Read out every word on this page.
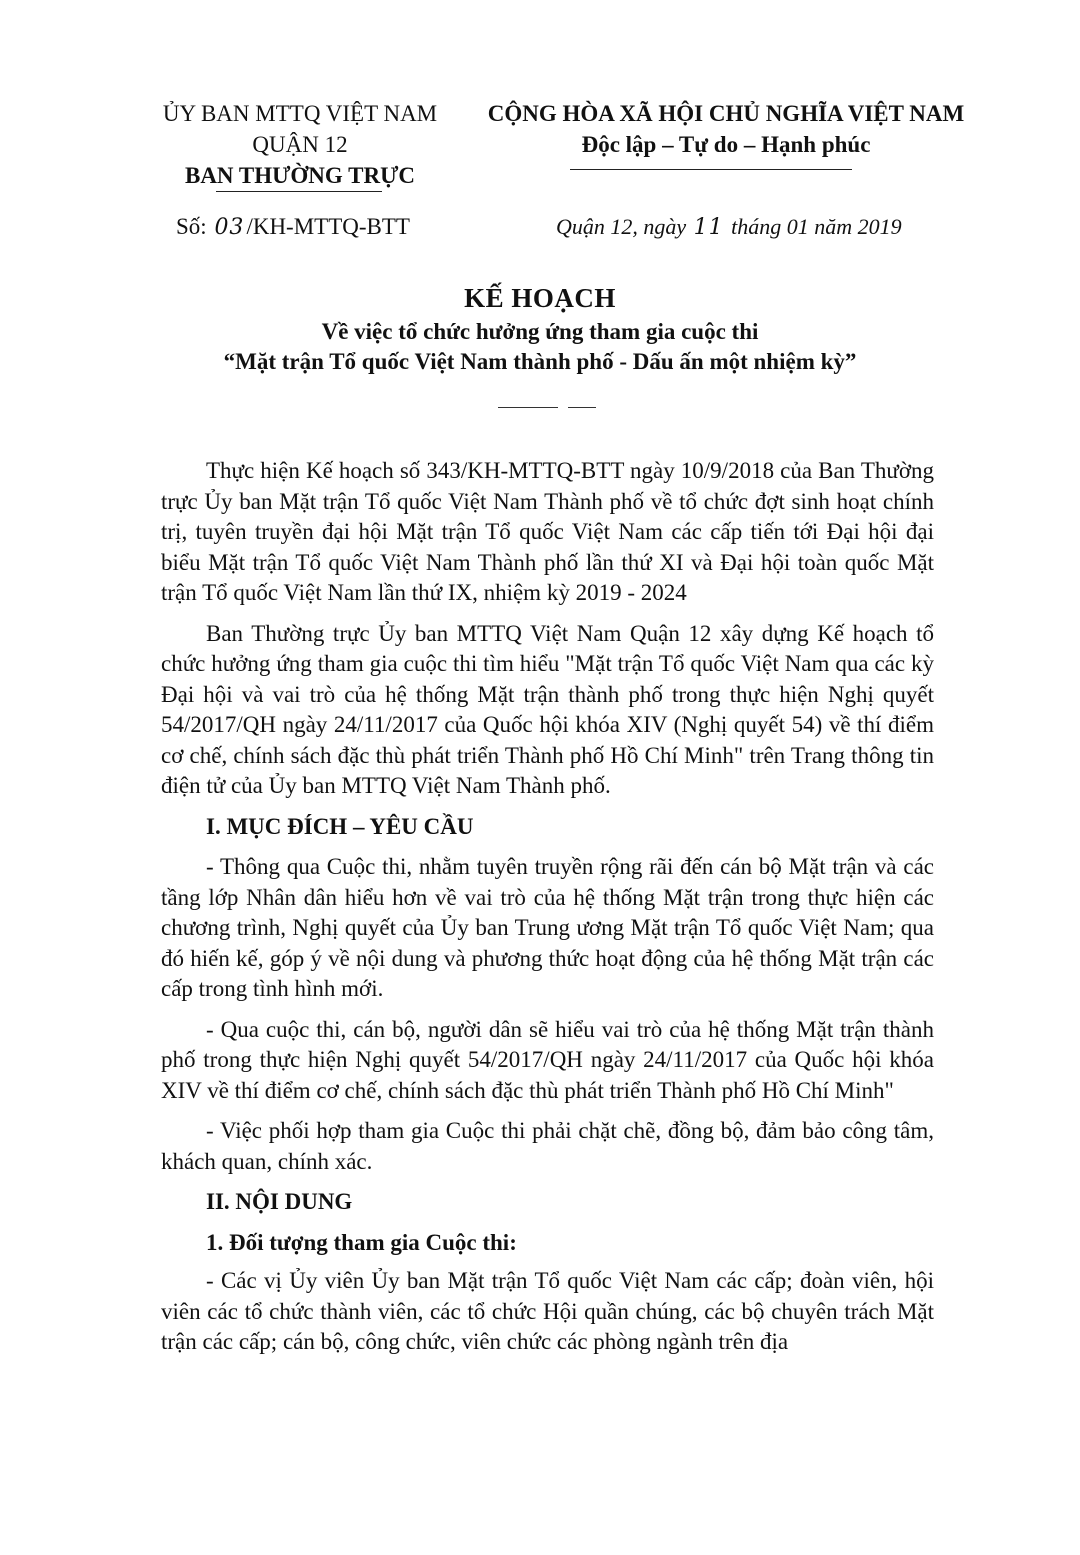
ỦY BAN MTTQ VIỆT NAM
QUẬN 12
BAN THƯỜNG TRỰC
CỘNG HÒA XÃ HỘI CHỦ NGHĨA VIỆT NAM
Độc lập – Tự do – Hạnh phúc
Số: 03/KH-MTTQ-BTT	Quận 12, ngày 11 tháng 01 năm 2019
KẾ HOẠCH
Về việc tổ chức hưởng ứng tham gia cuộc thi
“Mặt trận Tổ quốc Việt Nam thành phố - Dấu ấn một nhiệm kỳ”

Thực hiện Kế hoạch số 343/KH-MTTQ-BTT ngày 10/9/2018 của Ban Thường trực Ủy ban Mặt trận Tổ quốc Việt Nam Thành phố về tổ chức đợt sinh hoạt chính trị, tuyên truyền đại hội Mặt trận Tổ quốc Việt Nam các cấp tiến tới Đại hội đại biểu Mặt trận Tổ quốc Việt Nam Thành phố lần thứ XI và Đại hội toàn quốc Mặt trận Tổ quốc Việt Nam lần thứ IX, nhiệm kỳ 2019 - 2024

Ban Thường trực Ủy ban MTTQ Việt Nam Quận 12 xây dựng Kế hoạch tổ chức hưởng ứng tham gia cuộc thi tìm hiểu "Mặt trận Tổ quốc Việt Nam qua các kỳ Đại hội và vai trò của hệ thống Mặt trận thành phố trong thực hiện Nghị quyết 54/2017/QH ngày 24/11/2017 của Quốc hội khóa XIV (Nghị quyết 54) về thí điểm cơ chế, chính sách đặc thù phát triển Thành phố Hồ Chí Minh" trên Trang thông tin điện tử của Ủy ban MTTQ Việt Nam Thành phố.

I. MỤC ĐÍCH – YÊU CẦU

- Thông qua Cuộc thi, nhằm tuyên truyền rộng rãi đến cán bộ Mặt trận và các tầng lớp Nhân dân hiểu hơn về vai trò của hệ thống Mặt trận trong thực hiện các chương trình, Nghị quyết của Ủy ban Trung ương Mặt trận Tổ quốc Việt Nam; qua đó hiến kế, góp ý về nội dung và phương thức hoạt động của hệ thống Mặt trận các cấp trong tình hình mới.

- Qua cuộc thi, cán bộ, người dân sẽ hiểu vai trò của hệ thống Mặt trận thành phố trong thực hiện Nghị quyết 54/2017/QH ngày 24/11/2017 của Quốc hội khóa XIV về thí điểm cơ chế, chính sách đặc thù phát triển Thành phố Hồ Chí Minh"

- Việc phối hợp tham gia Cuộc thi phải chặt chẽ, đồng bộ, đảm bảo công tâm, khách quan, chính xác.

II. NỘI DUNG
1. Đối tượng tham gia Cuộc thi:

- Các vị Ủy viên Ủy ban Mặt trận Tổ quốc Việt Nam các cấp; đoàn viên, hội viên các tổ chức thành viên, các tổ chức Hội quần chúng, các bộ chuyên trách Mặt trận các cấp; cán bộ, công chức, viên chức các phòng ngành trên địa
